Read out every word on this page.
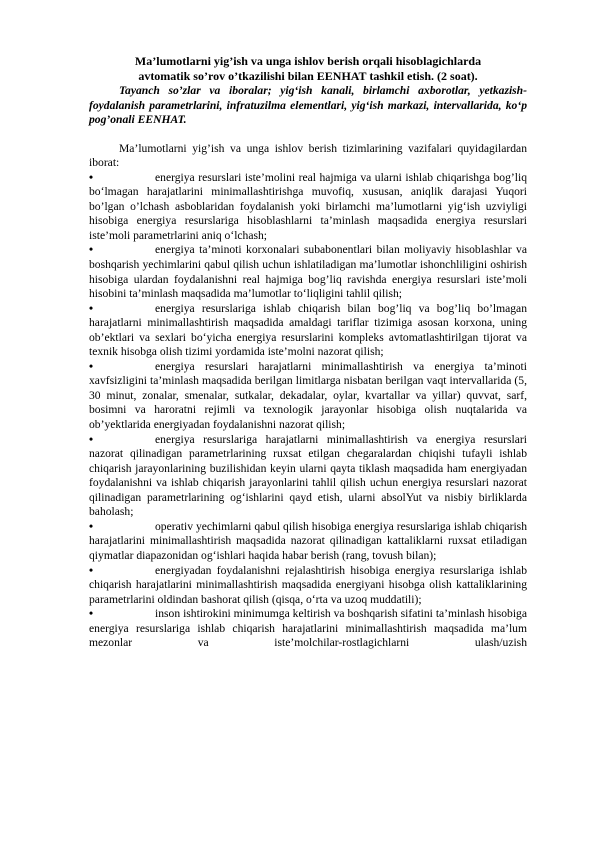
Ma’lumotlarni yig’ish va unga ishlov berish orqali hisoblagichlarda

avtomatik so’rov o’tkazilishi bilan EENHAT tashkil etish. (2 soat).

Tayanch so’zlar va iboralar; yig‘ish kanali, birlamchi axborotlar, yetkazish-foydalanish parametrlarini, infratuzilma elementlari, yig‘ish markazi, intervallarida, ko‘p pog’onali EENHAT.

Ma’lumotlarni yig’ish va unga ishlov berish tizimlarining vazifalari quyidagilardan iborat:

•energiya resurslari iste’molini real hajmiga va ularni ishlab chiqarishga bog’liq bo‘lmagan harajatlarini minimallashtirishga muvofiq, xususan, aniqlik darajasi Yuqori bo’lgan o’lchash asboblaridan foydalanish yoki birlamchi ma’lumotlarni yig‘ish uzviyligi hisobiga energiya resurslariga hisoblashlarni ta’minlash maqsadida energiya resurslari iste’moli parametrlarini aniq o‘lchash;

•energiya ta’minoti korxonalari subabonentlari bilan moliyaviy hisoblashlar va boshqarish yechimlarini qabul qilish uchun ishlatiladigan ma’lumotlar ishonchliligini oshirish hisobiga ulardan foydalanishni real hajmiga bog’liq ravishda energiya resurslari iste’moli hisobini ta’minlash maqsadida ma’lumotlar to‘liqligini tahlil qilish;

•energiya resurslariga ishlab chiqarish bilan bog’liq va bog’liq bo’lmagan harajatlarni minimallashtirish maqsadida amaldagi tariflar tizimiga asosan korxona, uning ob’ektlari va sexlari bo‘yicha energiya resurslarini kompleks avtomatlashtirilgan tijorat va texnik hisobga olish tizimi yordamida iste’molni nazorat qilish;

•energiya resurslari harajatlarni minimallashtirish va energiya ta’minoti xavfsizligini ta’minlash maqsadida berilgan limitlarga nisbatan berilgan vaqt intervallarida (5, 30 minut, zonalar, smenalar, sutkalar, dekadalar, oylar, kvartallar va yillar) quvvat, sarf, bosimni va haroratni rejimli va texnologik jarayonlar hisobiga olish nuqtalarida va ob’yektlarida energiyadan foydalanishni nazorat qilish;

•energiya resurslariga harajatlarni minimallashtirish va energiya resurslari nazorat qilinadigan parametrlarining ruxsat etilgan chegaralardan chiqishi tufayli ishlab chiqarish jarayonlarining buzilishidan keyin ularni qayta tiklash maqsadida ham energiyadan foydalanishni va ishlab chiqarish jarayonlarini tahlil qilish uchun energiya resurslari nazorat qilinadigan parametrlarining og‘ishlarini qayd etish, ularni absolYut va nisbiy birliklarda baholash;

•operativ yechimlarni qabul qilish hisobiga energiya resurslariga ishlab chiqarish harajatlarini minimallashtirish maqsadida nazorat qilinadigan kattaliklarni ruxsat etiladigan qiymatlar diapazonidan og‘ishlari haqida habar berish (rang, tovush bilan);

•energiyadan foydalanishni rejalashtirish hisobiga energiya resurslariga ishlab chiqarish harajatlarini minimallashtirish maqsadida energiyani hisobga olish kattaliklarining parametrlarini oldindan bashorat qilish (qisqa, o‘rta va uzoq muddatili);

•inson ishtirokini minimumga keltirish va boshqarish sifatini ta’minlash hisobiga energiya resurslariga ishlab chiqarish harajatlarini minimallashtirish maqsadida ma’lum mezonlar va iste’molchilar-rostlagichlarni ulash/uzish
